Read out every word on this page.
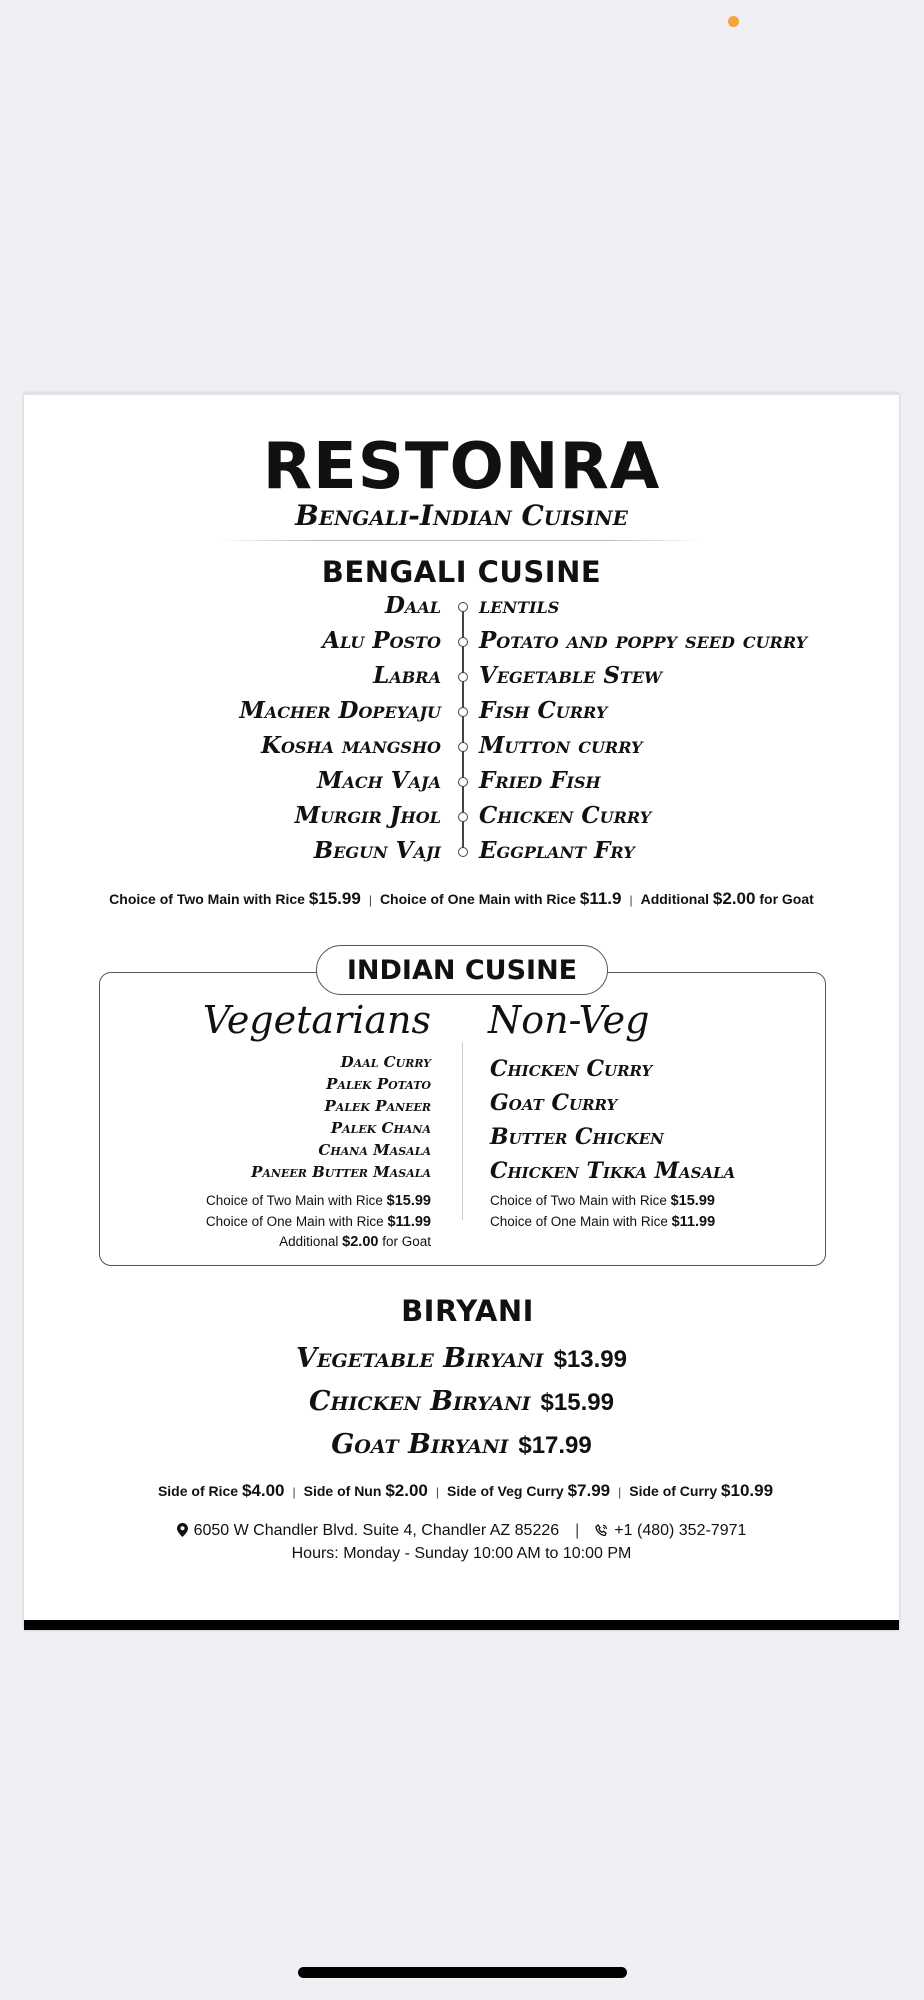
RESTONRA
Bengali-Indian Cuisine
BENGALI CUSINE
Daal lentils
Alu Posto Potato and poppy seed curry
Labra Vegetable Stew
Macher Dopeyaju Fish Curry
Kosha mangsho Mutton curry
Mach Vaja Fried Fish
Murgir Jhol Chicken Curry
Begun Vaji Eggplant Fry
Choice of Two Main with Rice $15.99 | Choice of One Main with Rice $11.9 | Additional $2.00 for Goat
INDIAN CUSINE
Vegetarians Non-Veg
Daal Curry
Palek Potato
Palek Paneer
Palek Chana
Chana Masala
Paneer Butter Masala
Chicken Curry
Goat Curry
Butter Chicken
Chicken Tikka Masala
Choice of Two Main with Rice $15.99
Choice of One Main with Rice $11.99
Additional $2.00 for Goat
Choice of Two Main with Rice $15.99
Choice of One Main with Rice $11.99
BIRYANI
Vegetable Biryani $13.99
Chicken Biryani $15.99
Goat Biryani $17.99
Side of Rice $4.00 | Side of Nun $2.00 | Side of Veg Curry $7.99 | Side of Curry $10.99
6050 W Chandler Blvd. Suite 4, Chandler AZ 85226 | +1 (480) 352-7971
Hours: Monday - Sunday 10:00 AM to 10:00 PM
